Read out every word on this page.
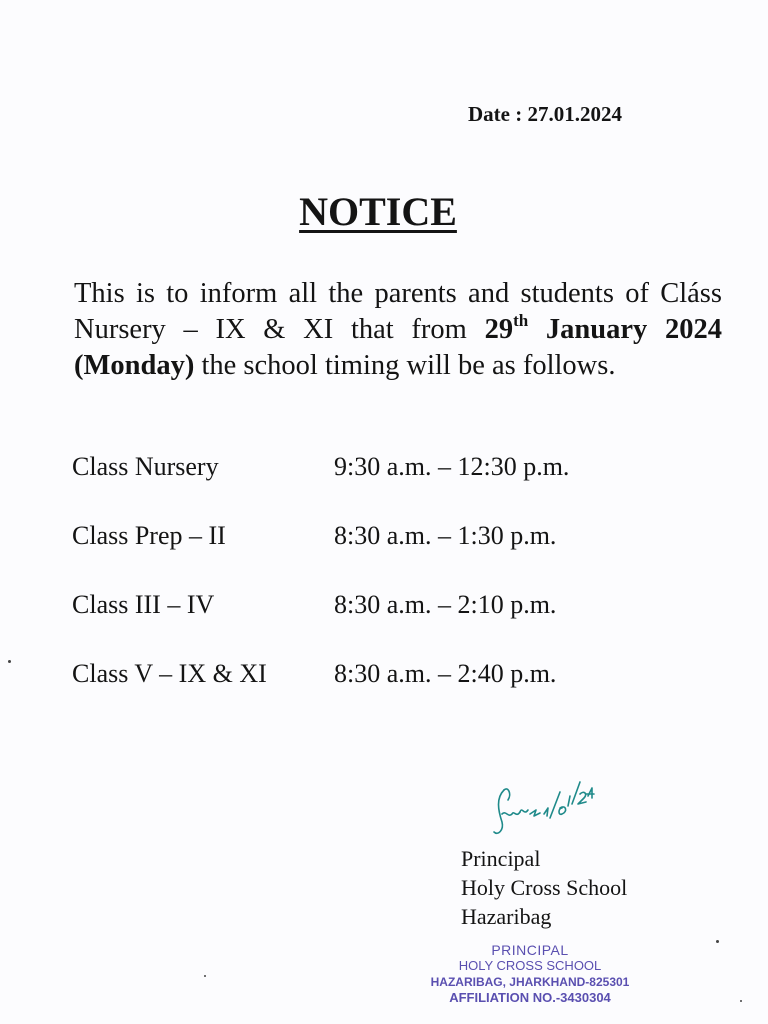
Date : 27.01.2024
NOTICE
This is to inform all the parents and students of Cláss Nursery – IX & XI that from 29th January 2024 (Monday) the school timing will be as follows.
Class Nursery	9:30 a.m. – 12:30 p.m.
Class Prep – II	8:30 a.m. – 1:30 p.m.
Class III – IV	8:30 a.m. – 2:10 p.m.
Class V – IX & XI	8:30 a.m. – 2:40 p.m.
Principal
Holy Cross School
Hazaribag
PRINCIPAL
HOLY CROSS SCHOOL
HAZARIBAG, JHARKHAND-825301
AFFILIATION NO.-3430304
